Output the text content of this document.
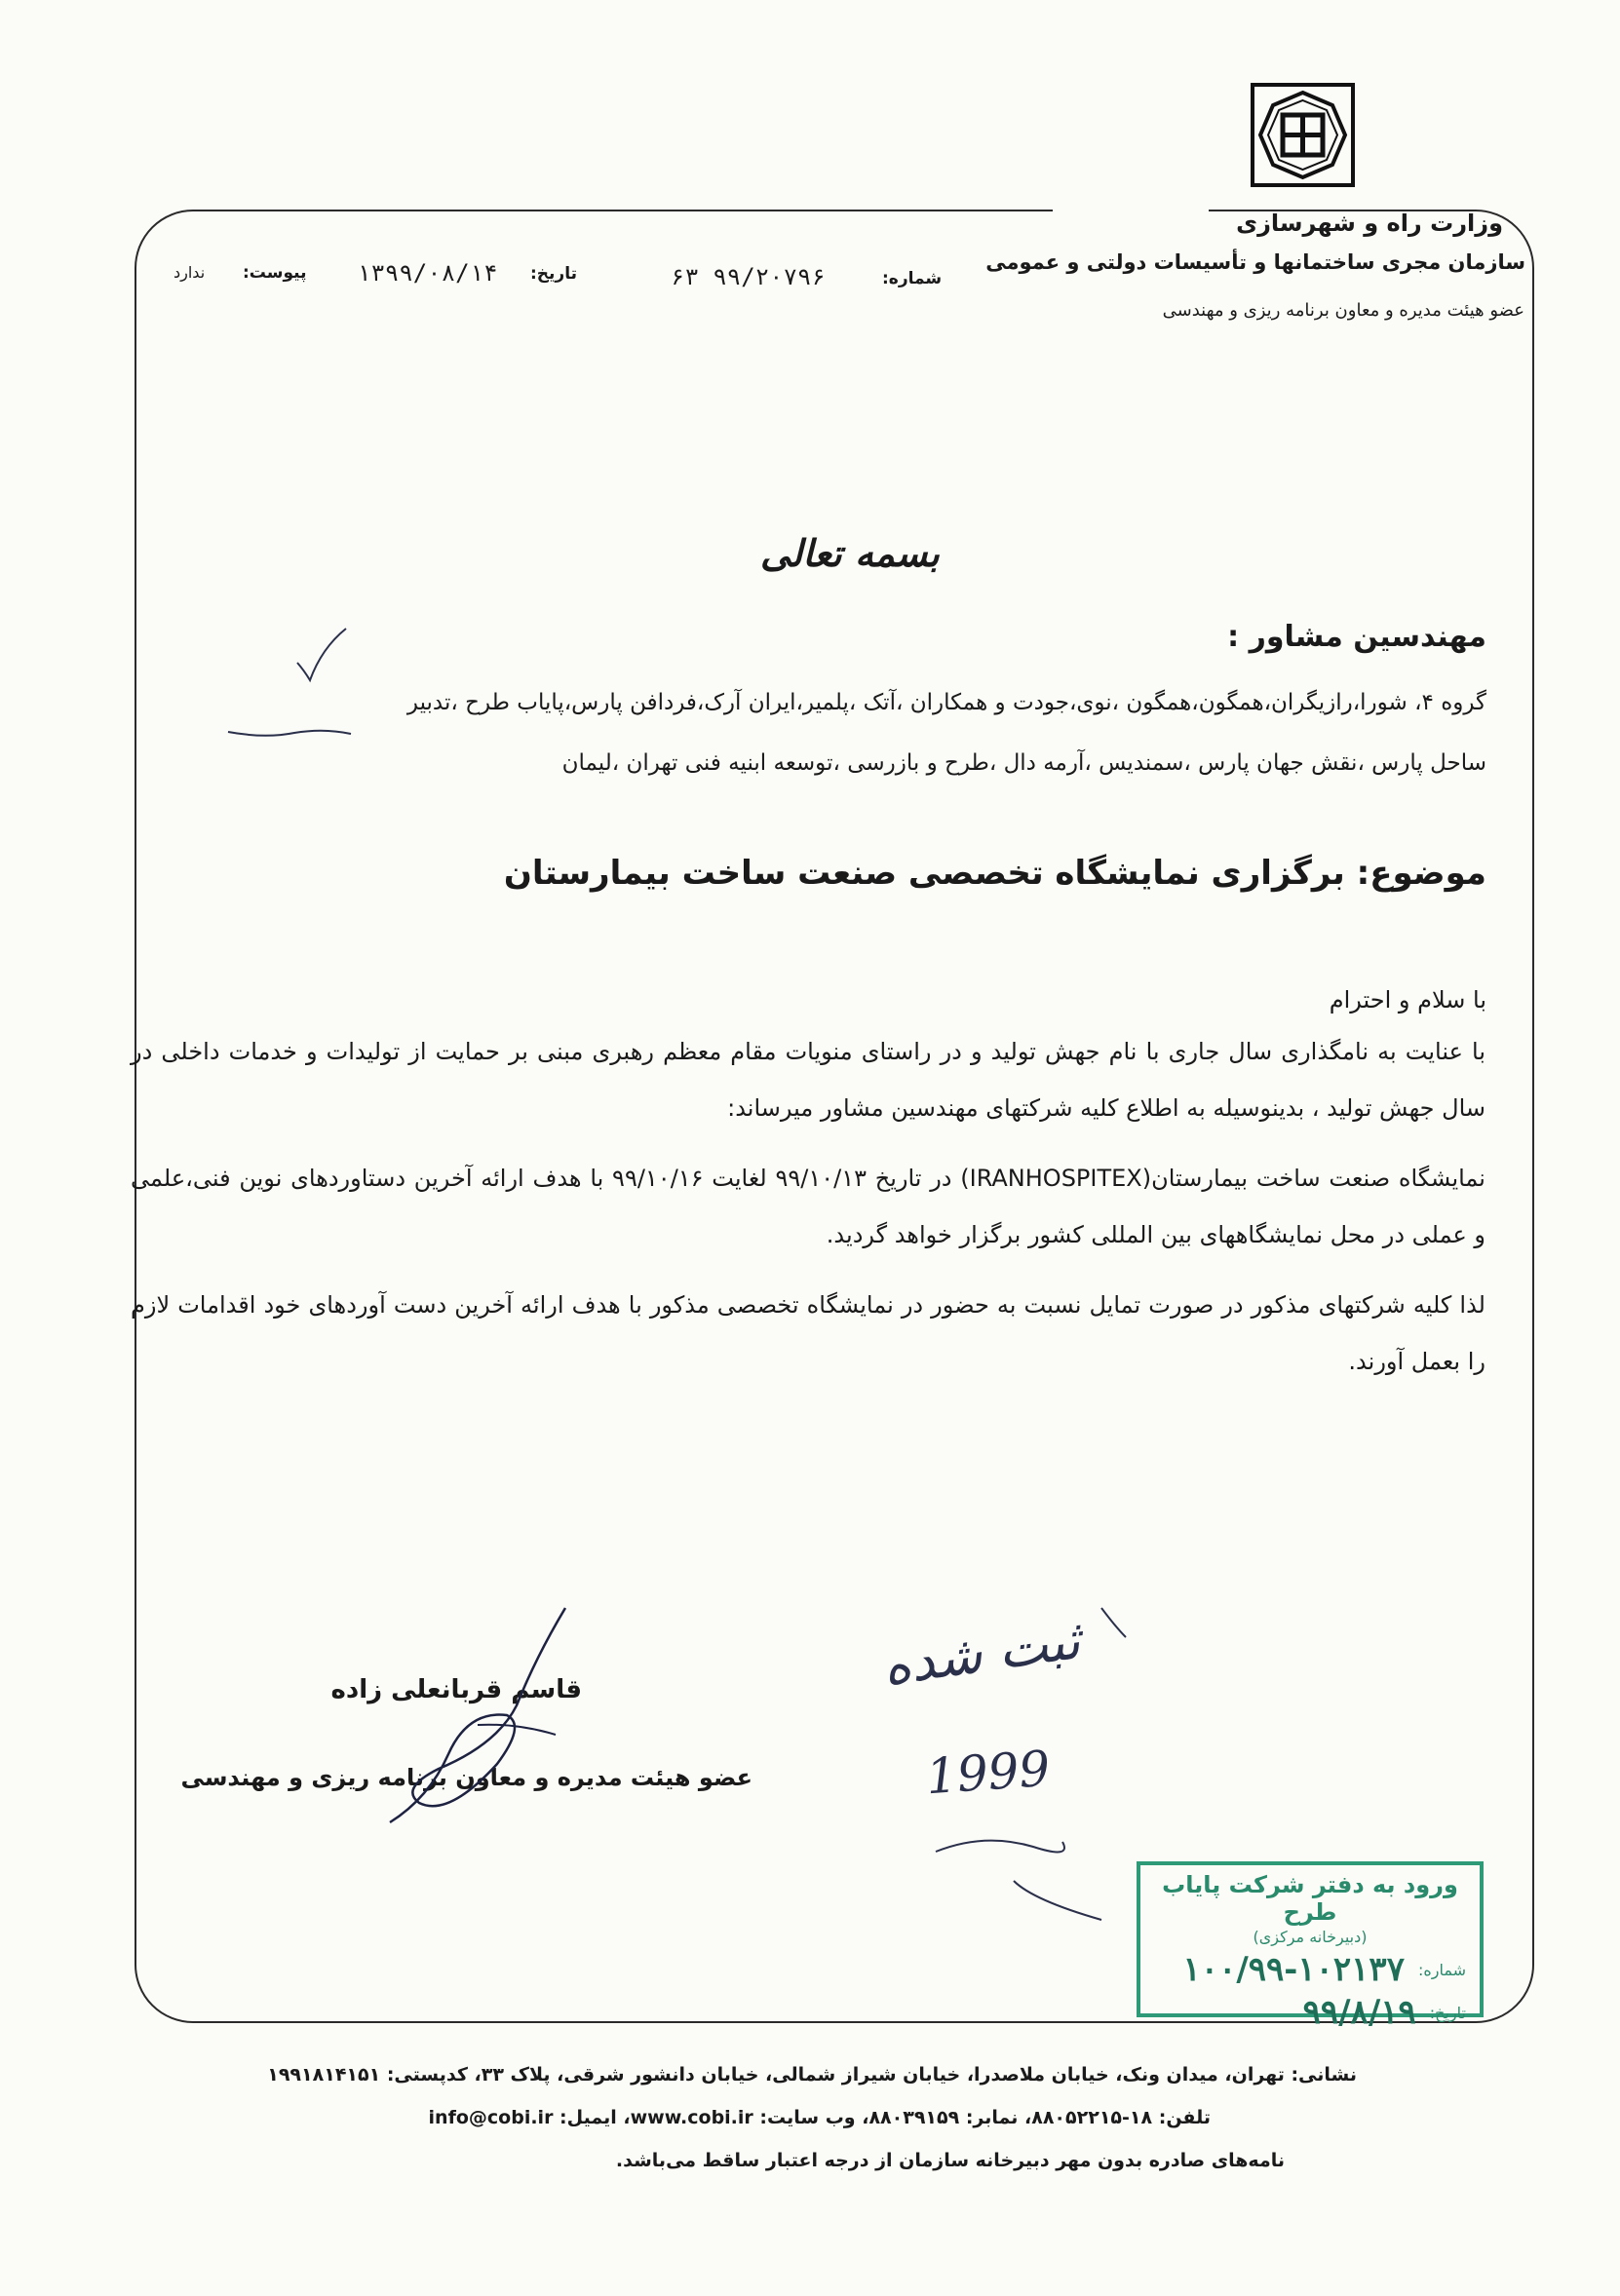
وزارت راه و شهرسازی
سازمان مجری ساختمانها و تأسیسات دولتی و عمومی
عضو هیئت مدیره و معاون برنامه ریزی و مهندسی
شماره:
۶۳ ۹۹/۲۰۷۹۶
تاریخ:
۱۳۹۹/۰۸/۱۴
پیوست:
ندارد
بسمه تعالی
مهندسین مشاور :
گروه ۴، شورا،رازیگران،همگون،همگون ،نوی،جودت و همکاران ،آتک ،پلمیر،ایران آرک،فردافن پارس،پایاب طرح ،تدبیر
ساحل پارس ،نقش جهان پارس ،سمندیس ،آرمه دال ،طرح و بازرسی ،توسعه ابنیه فنی تهران ،لیمان
موضوع: برگزاری نمایشگاه تخصصی صنعت ساخت بیمارستان
با سلام و احترام
با عنایت به نامگذاری سال جاری با نام جهش تولید و در راستای منویات مقام معظم رهبری مبنی بر حمایت از تولیدات و خدمات داخلی در سال جهش تولید ، بدینوسیله به اطلاع کلیه شرکتهای مهندسین مشاور میرساند:
نمایشگاه صنعت ساخت بیمارستان(IRANHOSPITEX) در تاریخ ۹۹/۱۰/۱۳ لغایت ۹۹/۱۰/۱۶ با هدف ارائه آخرین دستاوردهای نوین فنی،علمی و عملی در محل نمایشگاههای بین المللی کشور برگزار خواهد گردید.
لذا کلیه شرکتهای مذکور در صورت تمایل نسبت به حضور در نمایشگاه تخصصی مذکور با هدف ارائه آخرین دست آوردهای خود اقدامات لازم را بعمل آورند.
قاسم قربانعلی زاده
عضو هیئت مدیره و معاون برنامه ریزی و مهندسی
ثبت شده
1999
ورود به دفتر شرکت پایاب طرح
(دبیرخانه مرکزی)
شماره:
۱۰۰/۹۹-۱۰۲۱۳۷
تاریخ:
۹۹/۸/۱۹
نشانی: تهران، میدان ونک، خیابان ملاصدرا، خیابان شیراز شمالی، خیابان دانشور شرقی، پلاک ۳۳، کدپستی: ۱۹۹۱۸۱۴۱۵۱
تلفن: ۱۸-۸۸۰۵۲۲۱۵، نمابر: ۸۸۰۳۹۱۵۹، وب سایت: www.cobi.ir، ایمیل: info@cobi.ir
نامه‌های صادره بدون مهر دبیرخانه سازمان از درجه اعتبار ساقط می‌باشد.
